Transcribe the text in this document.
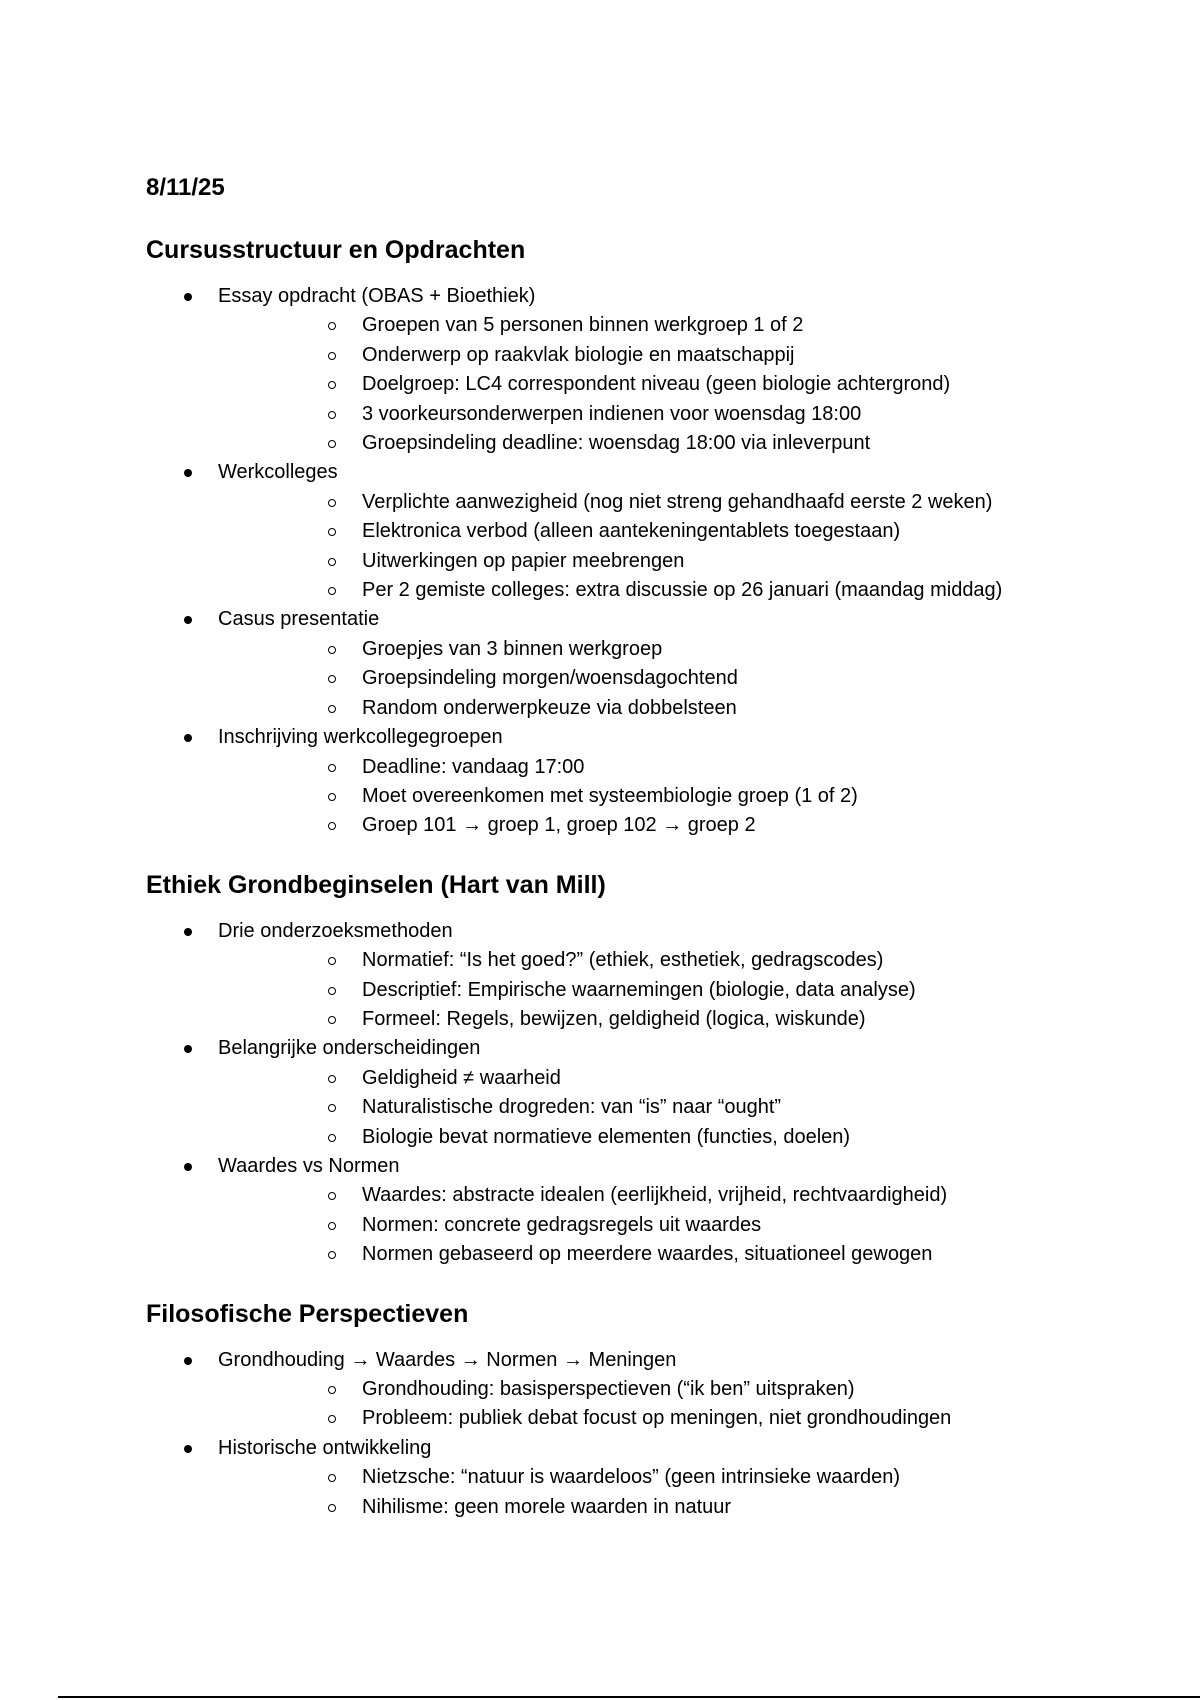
8/11/25
Cursusstructuur en Opdrachten
Essay opdracht (OBAS + Bioethiek)
Groepen van 5 personen binnen werkgroep 1 of 2
Onderwerp op raakvlak biologie en maatschappij
Doelgroep: LC4 correspondent niveau (geen biologie achtergrond)
3 voorkeursonderwerpen indienen voor woensdag 18:00
Groepsindeling deadline: woensdag 18:00 via inleverpunt
Werkcolleges
Verplichte aanwezigheid (nog niet streng gehandhaafd eerste 2 weken)
Elektronica verbod (alleen aantekeningentablets toegestaan)
Uitwerkingen op papier meebrengen
Per 2 gemiste colleges: extra discussie op 26 januari (maandag middag)
Casus presentatie
Groepjes van 3 binnen werkgroep
Groepsindeling morgen/woensdagochtend
Random onderwerpkeuze via dobbelsteen
Inschrijving werkcollegegroepen
Deadline: vandaag 17:00
Moet overeenkomen met systeembiologie groep (1 of 2)
Groep 101 → groep 1, groep 102 → groep 2
Ethiek Grondbeginselen (Hart van Mill)
Drie onderzoeksmethoden
Normatief: “Is het goed?” (ethiek, esthetiek, gedragscodes)
Descriptief: Empirische waarnemingen (biologie, data analyse)
Formeel: Regels, bewijzen, geldigheid (logica, wiskunde)
Belangrijke onderscheidingen
Geldigheid ≠ waarheid
Naturalistische drogreden: van “is” naar “ought”
Biologie bevat normatieve elementen (functies, doelen)
Waardes vs Normen
Waardes: abstracte idealen (eerlijkheid, vrijheid, rechtvaardigheid)
Normen: concrete gedragsregels uit waardes
Normen gebaseerd op meerdere waardes, situationeel gewogen
Filosofische Perspectieven
Grondhouding → Waardes → Normen → Meningen
Grondhouding: basisperspectieven (“ik ben” uitspraken)
Probleem: publiek debat focust op meningen, niet grondhoudingen
Historische ontwikkeling
Nietzsche: “natuur is waardeloos” (geen intrinsieke waarden)
Nihilisme: geen morele waarden in natuur
